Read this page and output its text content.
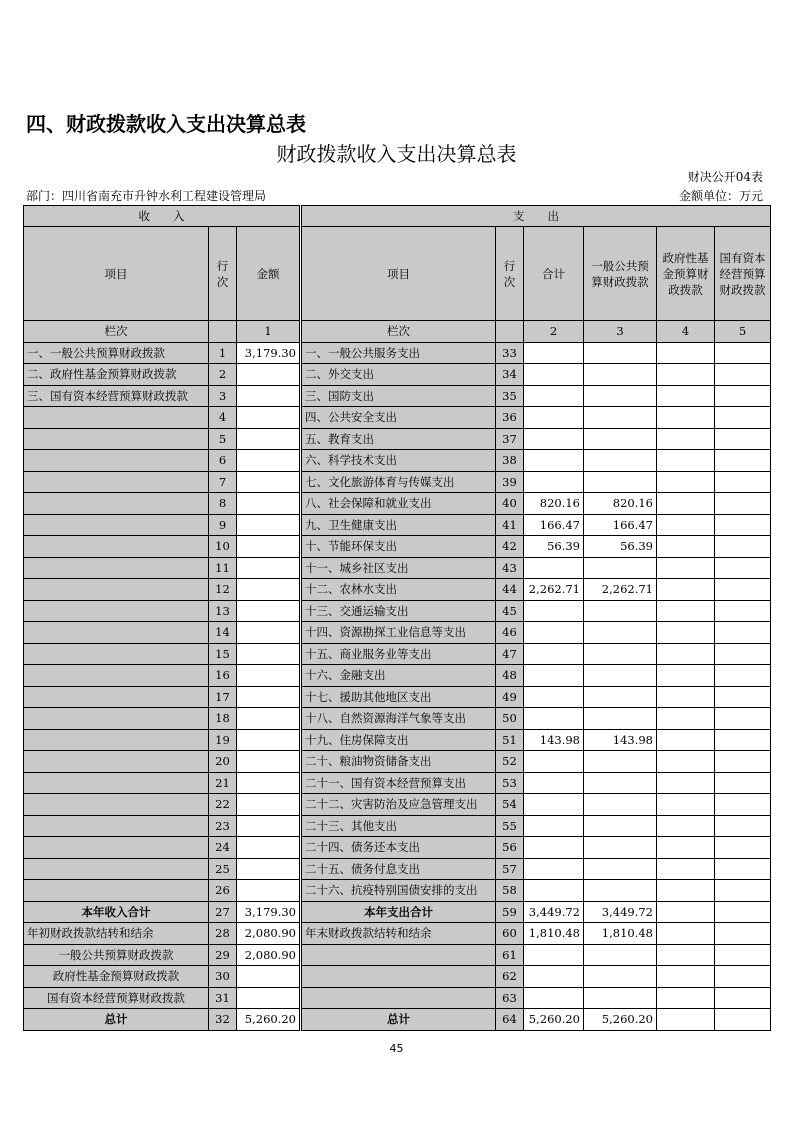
四、财政拨款收入支出决算总表
财政拨款收入支出决算总表
财决公开04表
部门：四川省南充市升钟水利工程建设管理局	金额单位：万元
收　　入			支　　出					
项目	行次	金额	项目	行次	合计	一般公共预算财政拨款	政府性基金预算财政拨款	国有资本经营预算财政拨款
栏次		1	栏次		2	3	4	5
一、一般公共预算财政拨款	1	3,179.30	一、一般公共服务支出	33				
二、政府性基金预算财政拨款	2		二、外交支出	34				
三、国有资本经营预算财政拨款	3		三、国防支出	35				
	4		四、公共安全支出	36				
	5		五、教育支出	37				
	6		六、科学技术支出	38				
	7		七、文化旅游体育与传媒支出	39				
	8		八、社会保障和就业支出	40	820.16	820.16		
	9		九、卫生健康支出	41	166.47	166.47		
	10		十、节能环保支出	42	56.39	56.39		
	11		十一、城乡社区支出	43				
	12		十二、农林水支出	44	2,262.71	2,262.71		
	13		十三、交通运输支出	45				
	14		十四、资源勘探工业信息等支出	46				
	15		十五、商业服务业等支出	47				
	16		十六、金融支出	48				
	17		十七、援助其他地区支出	49				
	18		十八、自然资源海洋气象等支出	50				
	19		十九、住房保障支出	51	143.98	143.98		
	20		二十、粮油物资储备支出	52				
	21		二十一、国有资本经营预算支出	53				
	22		二十二、灾害防治及应急管理支出	54				
	23		二十三、其他支出	55				
	24		二十四、债务还本支出	56				
	25		二十五、债务付息支出	57				
	26		二十六、抗疫特别国债安排的支出	58				
本年收入合计	27	3,179.30	本年支出合计	59	3,449.72	3,449.72		
年初财政拨款结转和结余	28	2,080.90	年末财政拨款结转和结余	60	1,810.48	1,810.48		
一般公共预算财政拨款	29	2,080.90		61				
政府性基金预算财政拨款	30			62				
国有资本经营预算财政拨款	31			63				
总计	32	5,260.20	总计	64	5,260.20	5,260.20		
45
